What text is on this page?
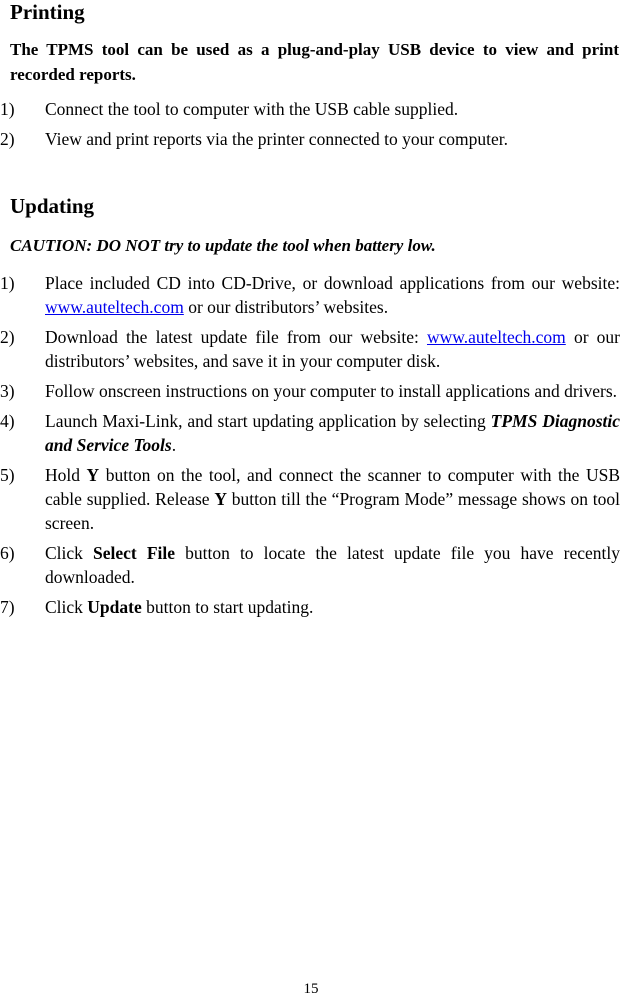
Printing
The TPMS tool can be used as a plug-and-play USB device to view and print recorded reports.
1)	Connect the tool to computer with the USB cable supplied.
2)	View and print reports via the printer connected to your computer.
Updating
CAUTION: DO NOT try to update the tool when battery low.
1)	Place included CD into CD-Drive, or download applications from our website: www.auteltech.com or our distributors’ websites.
2)	Download the latest update file from our website: www.auteltech.com or our distributors’ websites, and save it in your computer disk.
3)	Follow onscreen instructions on your computer to install applications and drivers.
4)	Launch Maxi-Link, and start updating application by selecting TPMS Diagnostic and Service Tools.
5)	Hold Y button on the tool, and connect the scanner to computer with the USB cable supplied. Release Y button till the “Program Mode” message shows on tool screen.
6)	Click Select File button to locate the latest update file you have recently downloaded.
7)	Click Update button to start updating.
15
